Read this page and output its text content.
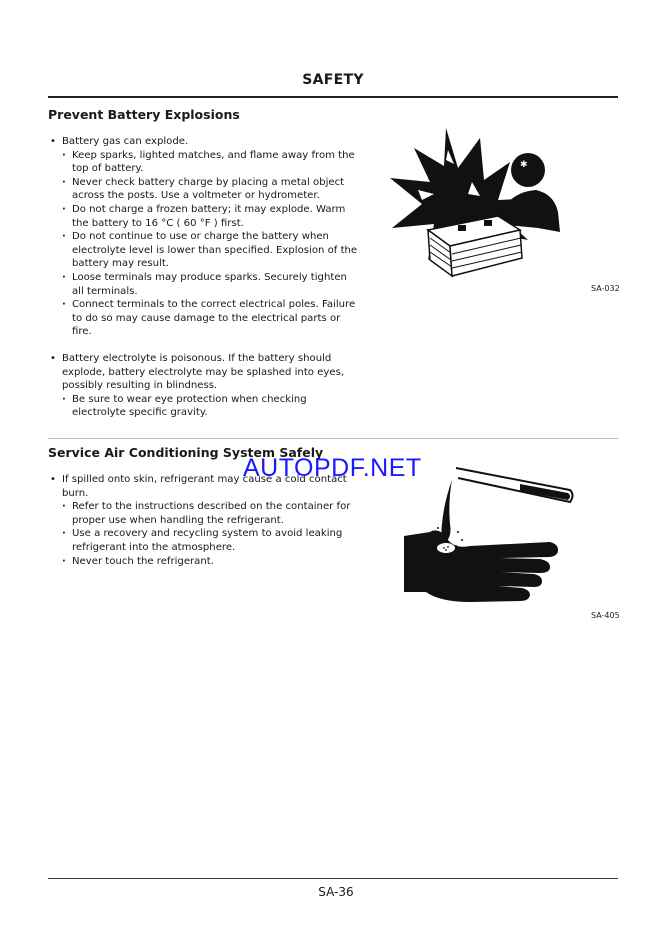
SAFETY
Prevent Battery Explosions
• Battery gas can explode.
· Keep sparks, lighted matches, and flame away from the top of battery.
· Never check battery charge by placing a metal object across the posts. Use a voltmeter or hydrometer.
· Do not charge a frozen battery; it may explode. Warm the battery to 16 °C ( 60 °F ) first.
· Do not continue to use or charge the battery when electrolyte level is lower than specified. Explosion of the battery may result.
· Loose terminals may produce sparks. Securely tighten all terminals.
· Connect terminals to the correct electrical poles. Failure to do so may cause damage to the electrical parts or fire.
• Battery electrolyte is poisonous. If the battery should explode, battery electrolyte may be splashed into eyes, possibly resulting in blindness.
· Be sure to wear eye protection when checking electrolyte specific gravity.
✱
SA-032
Service Air Conditioning System Safely
• If spilled onto skin, refrigerant may cause a cold contact burn.
· Refer to the instructions described on the container for proper use when handling the refrigerant.
· Use a recovery and recycling system to avoid leaking refrigerant into the atmosphere.
· Never touch the refrigerant.
AUTOPDF.NET
SA-405
SA-36
